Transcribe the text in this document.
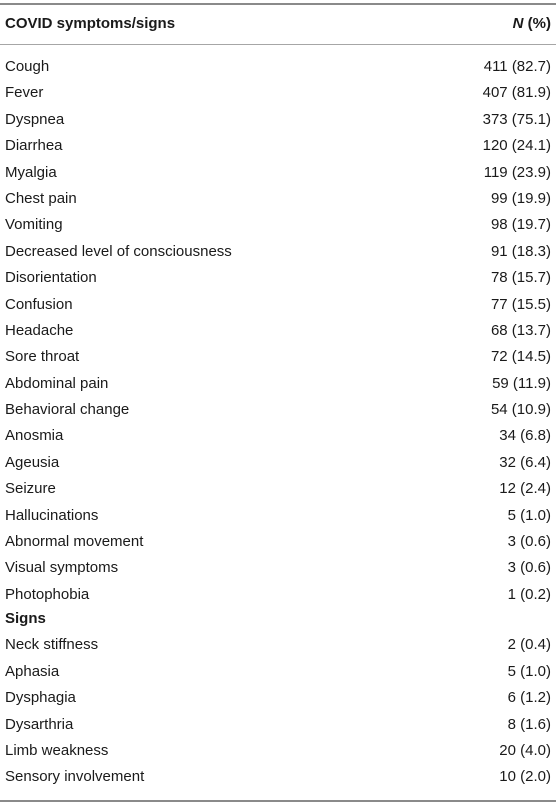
COVID symptoms/signs	N (%)
Cough	411 (82.7)
Fever	407 (81.9)
Dyspnea	373 (75.1)
Diarrhea	120 (24.1)
Myalgia	119 (23.9)
Chest pain	99 (19.9)
Vomiting	98 (19.7)
Decreased level of consciousness	91 (18.3)
Disorientation	78 (15.7)
Confusion	77 (15.5)
Headache	68 (13.7)
Sore throat	72 (14.5)
Abdominal pain	59 (11.9)
Behavioral change	54 (10.9)
Anosmia	34 (6.8)
Ageusia	32 (6.4)
Seizure	12 (2.4)
Hallucinations	5 (1.0)
Abnormal movement	3 (0.6)
Visual symptoms	3 (0.6)
Photophobia	1 (0.2)
Signs
Neck stiffness	2 (0.4)
Aphasia	5 (1.0)
Dysphagia	6 (1.2)
Dysarthria	8 (1.6)
Limb weakness	20 (4.0)
Sensory involvement	10 (2.0)
